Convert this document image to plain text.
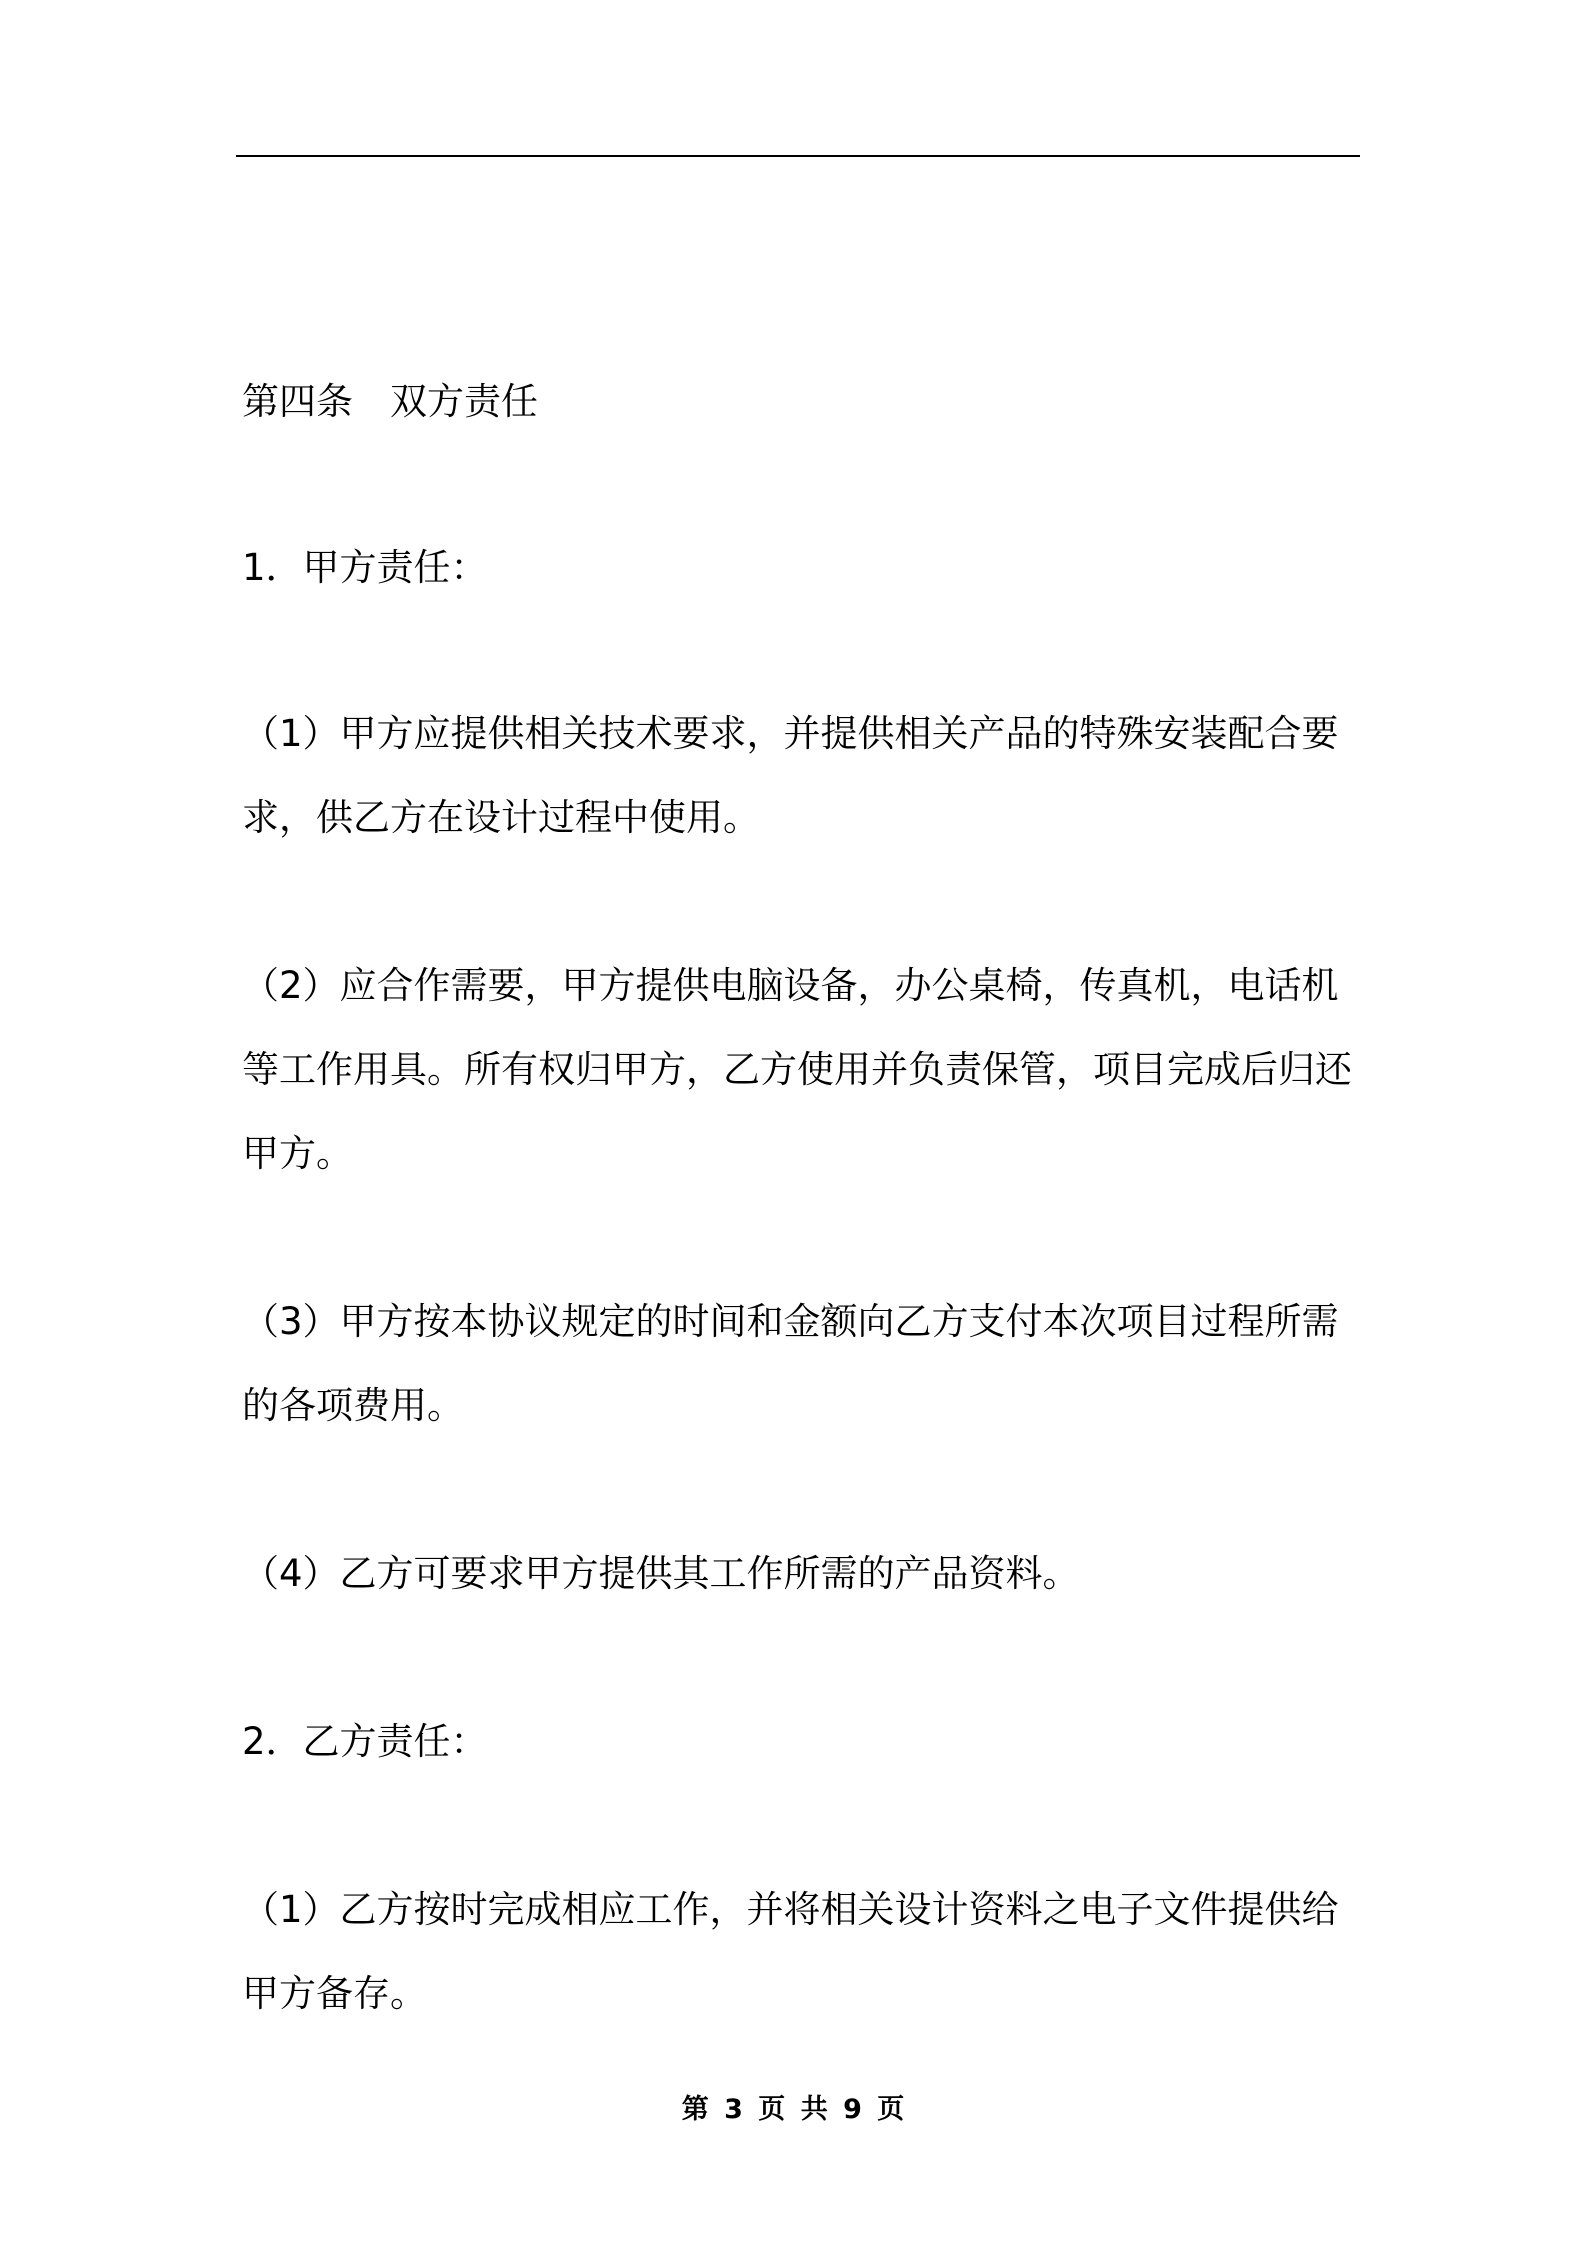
第四条 双方责任
1．甲方责任：
（1）甲方应提供相关技术要求，并提供相关产品的特殊安装配合要
求，供乙方在设计过程中使用。
（2）应合作需要，甲方提供电脑设备，办公桌椅，传真机，电话机
等工作用具。所有权归甲方，乙方使用并负责保管，项目完成后归还
甲方。
（3）甲方按本协议规定的时间和金额向乙方支付本次项目过程所需
的各项费用。
（4）乙方可要求甲方提供其工作所需的产品资料。
2．乙方责任：
（1）乙方按时完成相应工作，并将相关设计资料之电子文件提供给
甲方备存。
第 3 页 共 9 页
